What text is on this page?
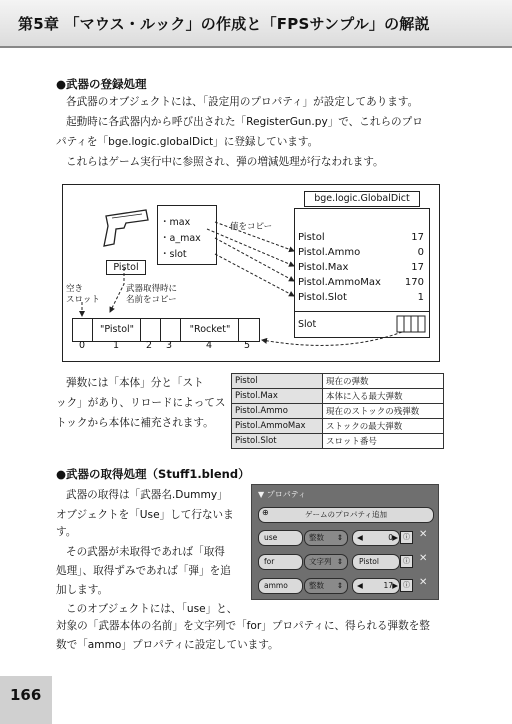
第5章 「マウス・ルック」の作成と「FPSサンプル」の解説
●武器の登録処理
各武器のオブジェクトには、「設定用のプロパティ」が設定してあります。
起動時に各武器内から呼び出された「RegisterGun.py」で、これらのプロ
パティを「bge.logic.globalDict」に登録しています。
これらはゲーム実行中に参照され、弾の増減処理が行なわれます。
・max
・a_max
・slot
値をコピー
Pistol
空き
スロット
武器取得時に
名前をコピー
"Pistol"	"Rocket"
0	1	2 3	4	5
bge.logic.GlobalDict
Pistol	17
Pistol.Ammo	0
Pistol.Max	17
Pistol.AmmoMax 170
Pistol.Slot	1
Slot
弾数には「本体」分と「スト
ック」があり、リロードによってス
トックから本体に補充されます。
Pistol	現在の弾数
Pistol.Max	本体に入る最大弾数
Pistol.Ammo	現在のストックの残弾数
Pistol.AmmoMax	ストックの最大弾数
Pistol.Slot	スロット番号
●武器の取得処理（Stuff1.blend）
武器の取得は「武器名.Dummy」
オブジェクトを「Use」して行ないま
す。
その武器が未取得であれば「取得
処理」、取得ずみであれば「弾」を追
加します。
このオブジェクトには、「use」と、
対象の「武器本体の名前」を文字列で「for」プロパティに、得られる弾数を整
数で「ammo」プロパティに設定しています。
▼ プロパティ
ゲームのプロパティ追加
⊕
use	整数 ⇕ ◀	0 ▶ ⓘ ✕
for	文字列 ⇕	Pistol	ⓘ ✕
ammo	整数 ⇕ ◀	17 ▶ ⓘ ✕
166
